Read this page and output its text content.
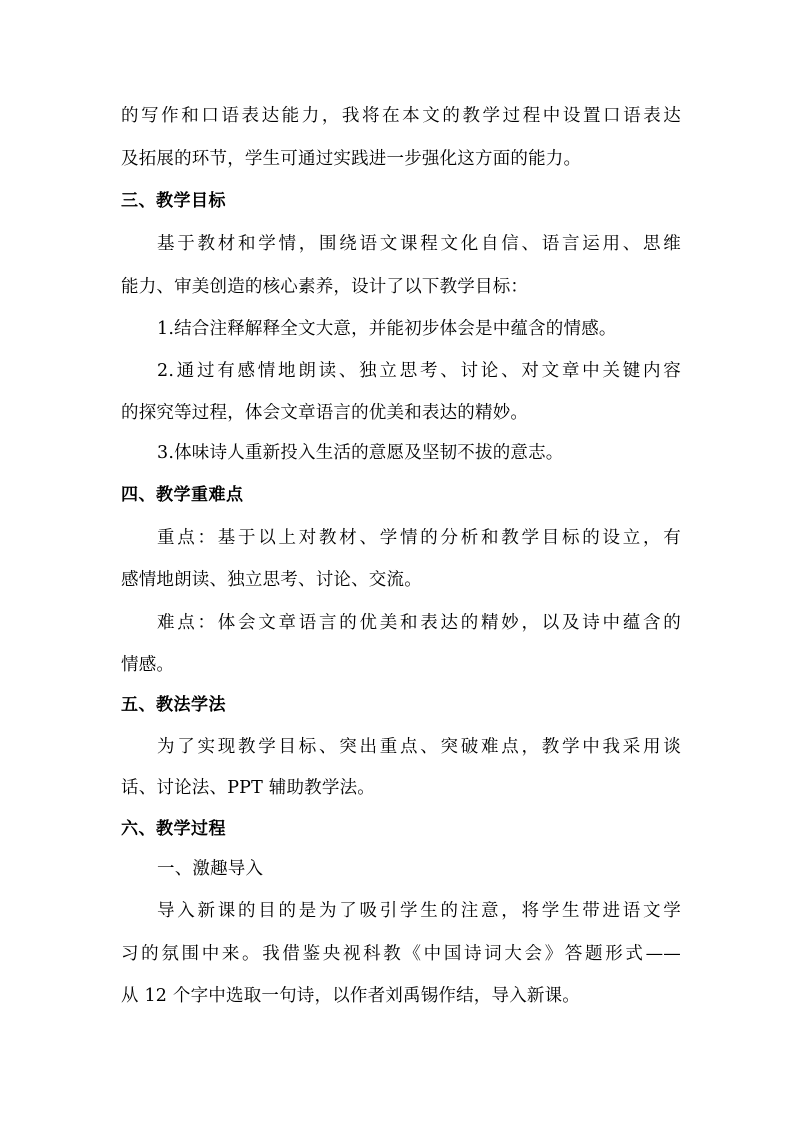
的写作和口语表达能力，我将在本文的教学过程中设置口语表达
及拓展的环节，学生可通过实践进一步强化这方面的能力。
三、教学目标
基于教材和学情，围绕语文课程文化自信、语言运用、思维
能力、审美创造的核心素养，设计了以下教学目标：
1.结合注释解释全文大意，并能初步体会是中蕴含的情感。
2.通过有感情地朗读、独立思考、讨论、对文章中关键内容
的探究等过程，体会文章语言的优美和表达的精妙。
3.体味诗人重新投入生活的意愿及坚韧不拔的意志。
四、教学重难点
重点：基于以上对教材、学情的分析和教学目标的设立，有
感情地朗读、独立思考、讨论、交流。
难点：体会文章语言的优美和表达的精妙，以及诗中蕴含的
情感。
五、教法学法
为了实现教学目标、突出重点、突破难点，教学中我采用谈
话、讨论法、PPT 辅助教学法。
六、教学过程
一、激趣导入
导入新课的目的是为了吸引学生的注意，将学生带进语文学
习的氛围中来。我借鉴央视科教《中国诗词大会》答题形式——
从 12 个字中选取一句诗，以作者刘禹锡作结，导入新课。
